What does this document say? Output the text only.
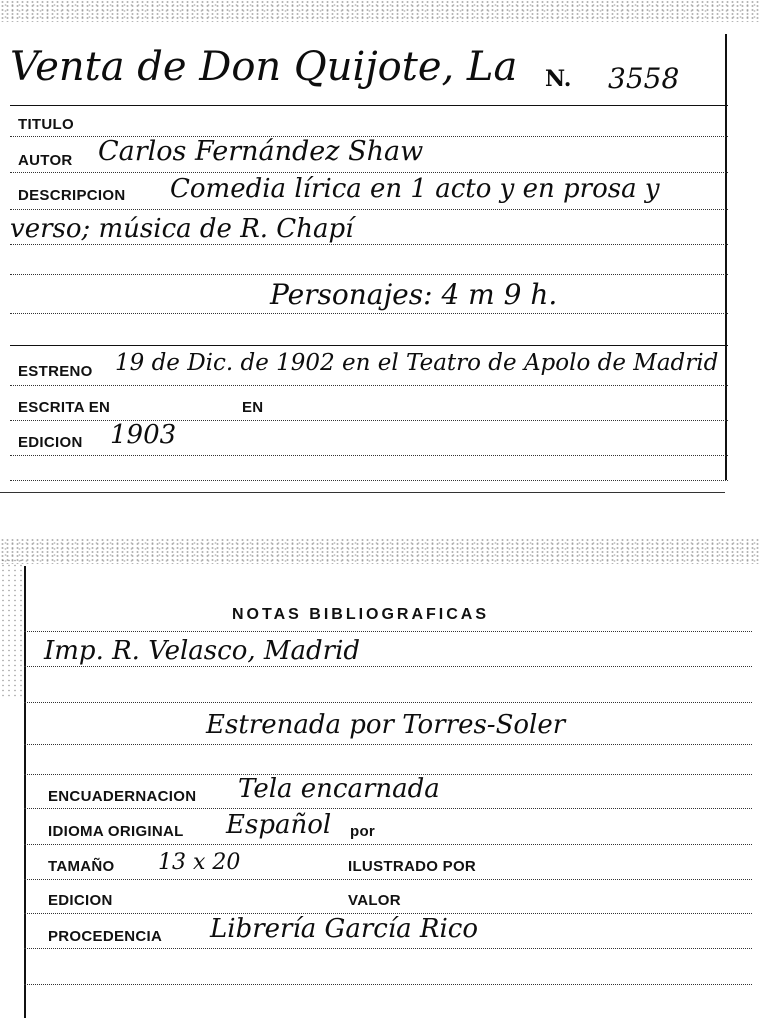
Venta de Don Quijote, La N. 3558
TITULO
AUTOR Carlos Fernández Shaw
DESCRIPCION Comedia lírica en 1 acto y en prosa y
verso; música de R. Chapí
Personajes: 4 m 9 h.
ESTRENO 19 de Dic. de 1902 en el Teatro de Apolo de Madrid
ESCRITA EN	EN
EDICION 1903
NOTAS BIBLIOGRAFICAS
Imp. R. Velasco, Madrid
Estrenada por Torres-Soler
ENCUADERNACION Tela encarnada
IDIOMA ORIGINAL Español por
TAMAÑO 13 x 20	ILUSTRADO POR
EDICION	VALOR
PROCEDENCIA Librería García Rico
